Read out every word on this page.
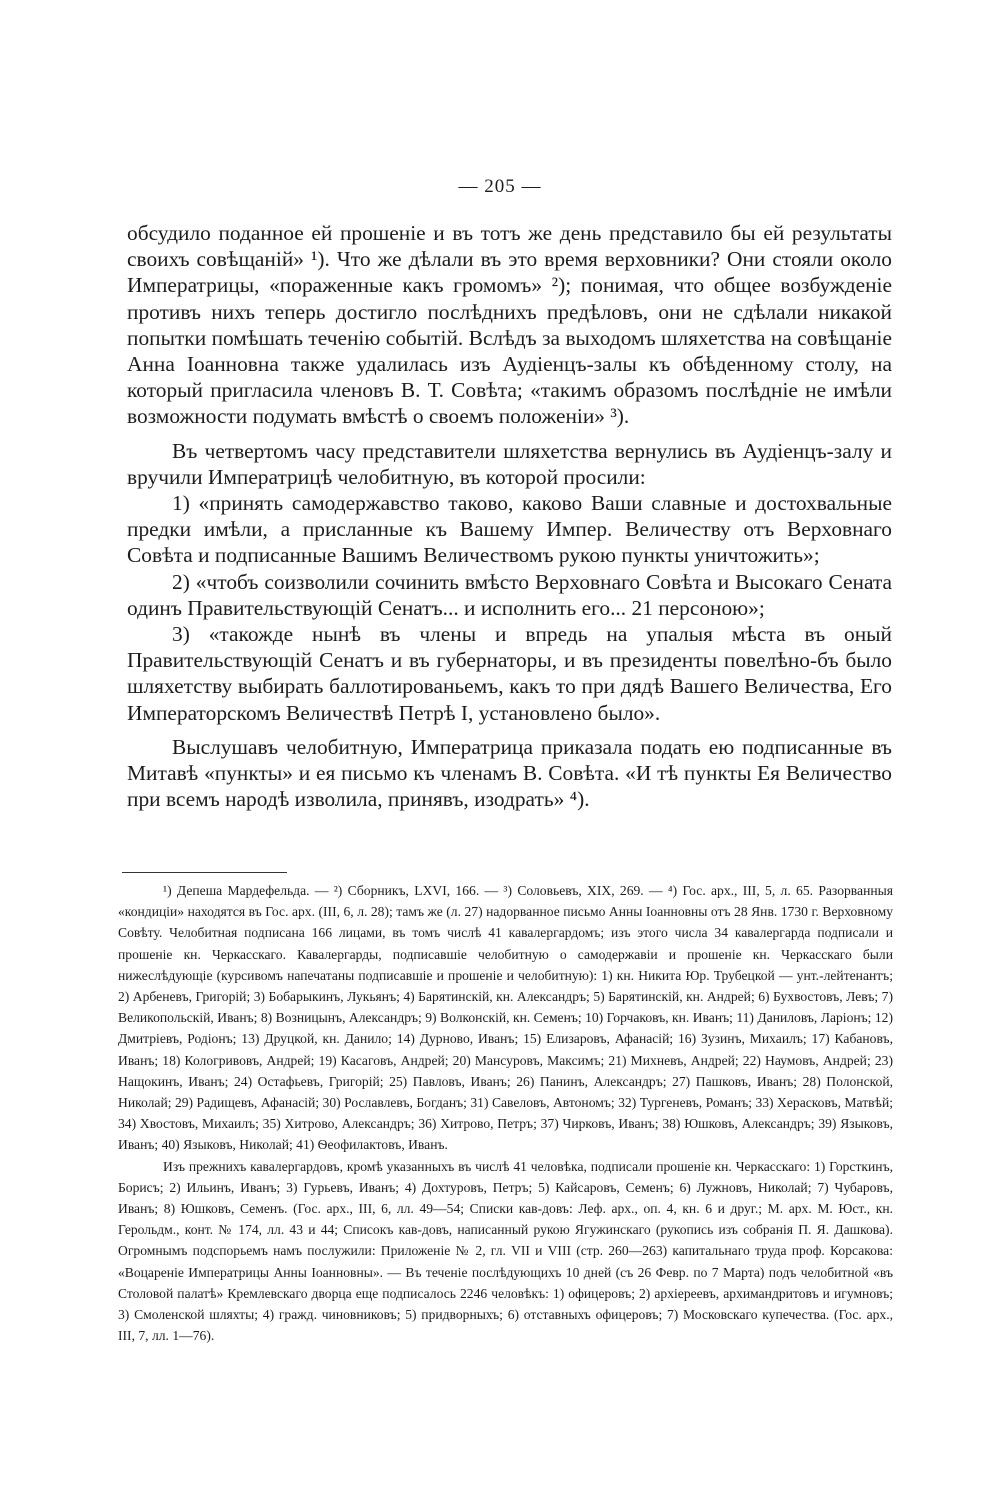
— 205 —

обсудило поданное ей прошеніе и въ тотъ же день представило бы ей результаты своихъ совѣщаній» ¹). Что же дѣлали въ это время верховники? Они стояли около Императрицы, «пораженные какъ громомъ» ²); понимая, что общее возбужденіе противъ нихъ теперь достигло послѣднихъ предѣловъ, они не сдѣлали никакой попытки помѣшать теченію событій. Вслѣдъ за выходомъ шляхетства на совѣщаніе Анна Іоанновна также удалилась изъ Аудіенцъ-залы къ обѣденному столу, на который пригласила членовъ В. Т. Совѣта; «такимъ образомъ послѣдніе не имѣли возможности подумать вмѣстѣ о своемъ положеніи» ³).

Въ четвертомъ часу представители шляхетства вернулись въ Аудіенцъ-залу и вручили Императрицѣ челобитную, въ которой просили:

1) «принять самодержавство таково, каково Ваши славные и достохвальные предки имѣли, а присланные къ Вашему Импер. Величеству отъ Верховнаго Совѣта и подписанные Вашимъ Величествомъ рукою пункты уничтожить»;

2) «чтобъ соизволили сочинить вмѣсто Верховнаго Совѣта и Высокаго Сената одинъ Правительствующій Сенатъ... и исполнить его... 21 персоною»;

3) «такожде нынѣ въ члены и впредь на упалыя мѣста въ оный Правительствующій Сенатъ и въ губернаторы, и въ президенты повелѣно-бъ было шляхетству выбирать баллотированьемъ, какъ то при дядѣ Вашего Величества, Его Императорскомъ Величествѣ Петрѣ I, установлено было».

Выслушавъ челобитную, Императрица приказала подать ею подписанные въ Митавѣ «пункты» и ея письмо къ членамъ В. Совѣта. «И тѣ пункты Ея Величество при всемъ народѣ изволила, принявъ, изодрать» ⁴).

¹) Депеша Мардефельда. — ²) Сборникъ, LXVI, 166. — ³) Соловьевъ, XIX, 269. — ⁴) Гос. арх., III, 5, л. 65. Разорванныя «кондиціи» находятся въ Гос. арх. (III, 6, л. 28); тамъ же (л. 27) надорванное письмо Анны Іоанновны отъ 28 Янв. 1730 г. Верховному Совѣту. Челобитная подписана 166 лицами, въ томъ числѣ 41 кавалергардомъ; изъ этого числа 34 кавалергарда подписали и прошеніе кн. Черкасскаго. Кавалергарды, подписавшіе челобитную о самодержавіи и прошеніе кн. Черкасскаго были нижеслѣдующіе (курсивомъ напечатаны подписавшіе и прошеніе и челобитную): 1) кн. Никита Юр. Трубецкой — унт.-лейтенантъ; 2) Арбеневъ, Григорій; 3) Бобарыкинъ, Лукьянъ; 4) Барятинскій, кн. Александръ; 5) Барятинскій, кн. Андрей; 6) Бухвостовъ, Левъ; 7) Великопольскій, Иванъ; 8) Возницынъ, Александръ; 9) Волконскій, кн. Семенъ; 10) Горчаковъ, кн. Иванъ; 11) Даниловъ, Ларіонъ; 12) Дмитріевъ, Родіонъ; 13) Друцкой, кн. Данило; 14) Дурново, Иванъ; 15) Елизаровъ, Афанасій; 16) Зузинъ, Михаилъ; 17) Кабановъ, Иванъ; 18) Кологривовъ, Андрей; 19) Касаговъ, Андрей; 20) Мансуровъ, Максимъ; 21) Михневъ, Андрей; 22) Наумовъ, Андрей; 23) Нащокинъ, Иванъ; 24) Остафьевъ, Григорій; 25) Павловъ, Иванъ; 26) Панинъ, Александръ; 27) Пашковъ, Иванъ; 28) Полонской, Николай; 29) Радищевъ, Афанасій; 30) Рославлевъ, Богданъ; 31) Савеловъ, Автономъ; 32) Тургеневъ, Романъ; 33) Херасковъ, Матвѣй; 34) Хвостовъ, Михаилъ; 35) Хитрово, Александръ; 36) Хитрово, Петръ; 37) Чирковъ, Иванъ; 38) Юшковъ, Александръ; 39) Языковъ, Иванъ; 40) Языковъ, Николай; 41) Ѳеофилактовъ, Иванъ.

Изъ прежнихъ кавалергардовъ, кромѣ указанныхъ въ числѣ 41 человѣка, подписали прошеніе кн. Черкасскаго: 1) Горсткинъ, Борисъ; 2) Ильинъ, Иванъ; 3) Гурьевъ, Иванъ; 4) Дохтуровъ, Петръ; 5) Кайсаровъ, Семенъ; 6) Лужновъ, Николай; 7) Чубаровъ, Иванъ; 8) Юшковъ, Семенъ. (Гос. арх., III, 6, лл. 49—54; Списки кав-довъ: Леф. арх., оп. 4, кн. 6 и друг.; М. арх. М. Юст., кн. Герольдм., конт. № 174, лл. 43 и 44; Списокъ кав-довъ, написанный рукою Ягужинскаго (рукопись изъ собранія П. Я. Дашкова). Огромнымъ подспорьемъ намъ послужили: Приложеніе № 2, гл. VII и VIII (стр. 260—263) капитальнаго труда проф. Корсакова: «Воцареніе Императрицы Анны Іоанновны». — Въ теченіе послѣдующихъ 10 дней (съ 26 Февр. по 7 Марта) подъ челобитной «въ Столовой палатѣ» Кремлевскаго дворца еще подписалось 2246 человѣкъ: 1) офицеровъ; 2) архіереевъ, архимандритовъ и игумновъ; 3) Смоленской шляхты; 4) гражд. чиновниковъ; 5) придворныхъ; 6) отставныхъ офицеровъ; 7) Московскаго купечества. (Гос. арх., III, 7, лл. 1—76).
